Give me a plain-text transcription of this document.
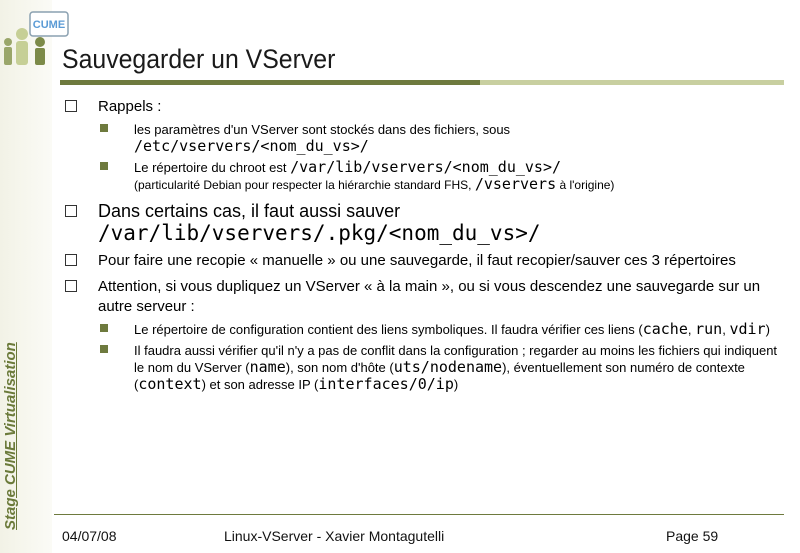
CUME
Stage CUME Virtualisation
Sauvegarder un VServer
Rappels :
les paramètres d'un VServer sont stockés dans des fichiers, sous
/etc/vservers/<nom_du_vs>/
Le répertoire du chroot est /var/lib/vservers/<nom_du_vs>/
(particularité Debian pour respecter la hiérarchie standard FHS, /vservers à l'origine)
Dans certains cas, il faut aussi sauver
/var/lib/vservers/.pkg/<nom_du_vs>/
Pour faire une recopie « manuelle » ou une sauvegarde, il faut recopier/sauver ces 3 répertoires
Attention, si vous dupliquez un VServer « à la main », ou si vous descendez une sauvegarde sur un autre serveur :
Le répertoire de configuration contient des liens symboliques. Il faudra vérifier ces liens (cache, run, vdir)
Il faudra aussi vérifier qu'il n'y a pas de conflit dans la configuration ; regarder au moins les fichiers qui indiquent le nom du VServer (name), son nom d'hôte (uts/nodename), éventuellement son numéro de contexte (context) et son adresse IP (interfaces/0/ip)
04/07/08	Linux-VServer - Xavier Montagutelli	Page 59
